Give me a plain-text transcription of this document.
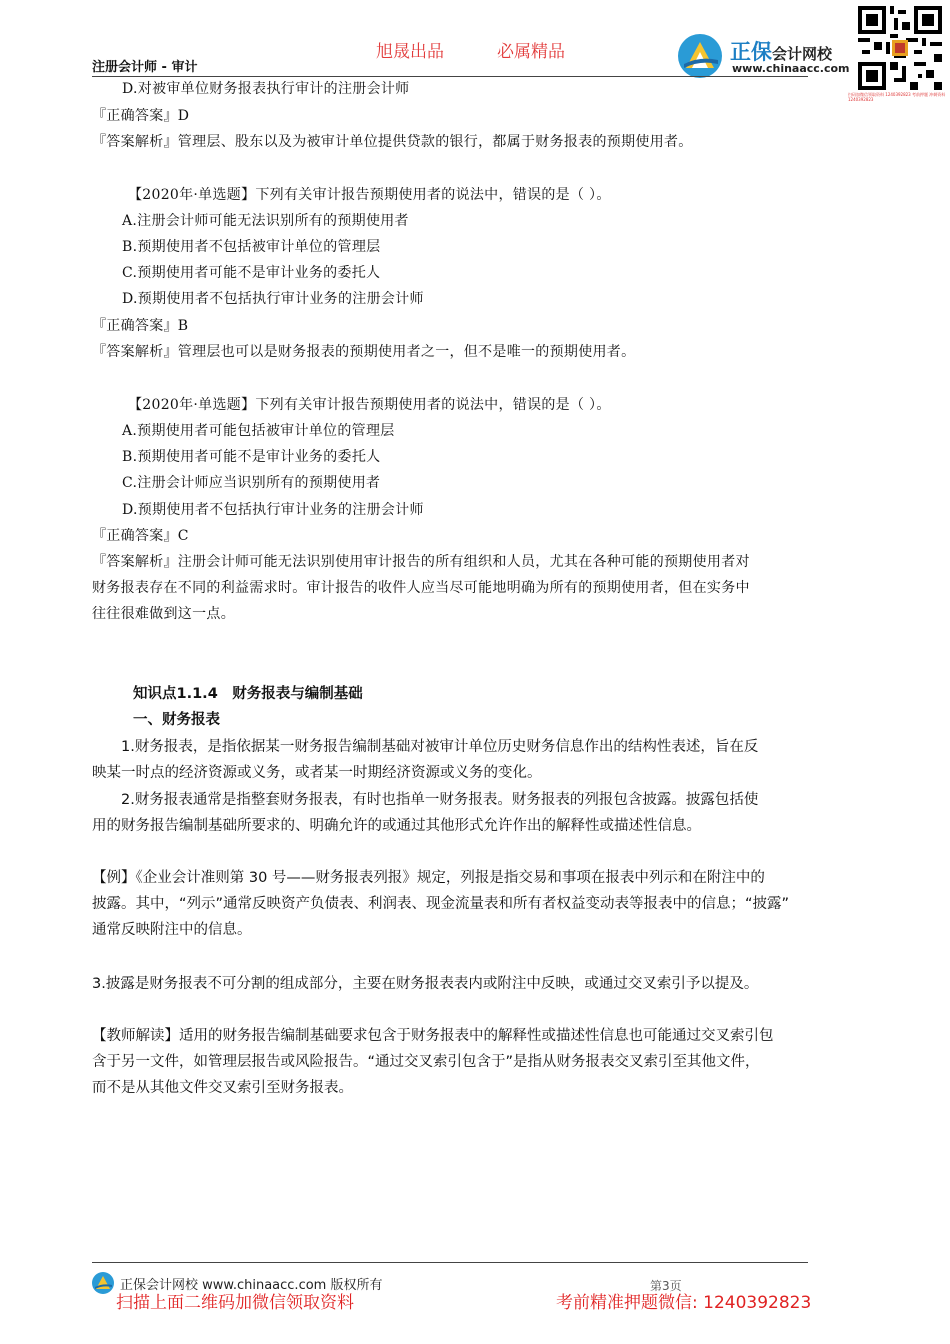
旭晟出品	必属精品
注册会计师 - 审计
正保会计网校
www.chinaacc.com
扫码加微信领取资料 1240392823 考前押题 冲刺资料 1240392823
D.对被审单位财务报表执行审计的注册会计师
『正确答案』D
『答案解析』管理层、股东以及为被审计单位提供贷款的银行，都属于财务报表的预期使用者。
【2020年·单选题】下列有关审计报告预期使用者的说法中，错误的是（ ）。
A.注册会计师可能无法识别所有的预期使用者
B.预期使用者不包括被审计单位的管理层
C.预期使用者可能不是审计业务的委托人
D.预期使用者不包括执行审计业务的注册会计师
『正确答案』B
『答案解析』管理层也可以是财务报表的预期使用者之一，但不是唯一的预期使用者。
【2020年·单选题】下列有关审计报告预期使用者的说法中，错误的是（ ）。
A.预期使用者可能包括被审计单位的管理层
B.预期使用者可能不是审计业务的委托人
C.注册会计师应当识别所有的预期使用者
D.预期使用者不包括执行审计业务的注册会计师
『正确答案』C
『答案解析』注册会计师可能无法识别使用审计报告的所有组织和人员，尤其在各种可能的预期使用者对
财务报表存在不同的利益需求时。审计报告的收件人应当尽可能地明确为所有的预期使用者，但在实务中
往往很难做到这一点。
知识点1.1.4　财务报表与编制基础
一、财务报表
1.财务报表，是指依据某一财务报告编制基础对被审计单位历史财务信息作出的结构性表述，旨在反
映某一时点的经济资源或义务，或者某一时期经济资源或义务的变化。
2.财务报表通常是指整套财务报表，有时也指单一财务报表。财务报表的列报包含披露。披露包括使
用的财务报告编制基础所要求的、明确允许的或通过其他形式允许作出的解释性或描述性信息。
【例】《企业会计准则第 30 号——财务报表列报》规定，列报是指交易和事项在报表中列示和在附注中的
披露。其中，“列示”通常反映资产负债表、利润表、现金流量表和所有者权益变动表等报表中的信息；“披露”
通常反映附注中的信息。
3.披露是财务报表不可分割的组成部分，主要在财务报表表内或附注中反映，或通过交叉索引予以提及。
【教师解读】适用的财务报告编制基础要求包含于财务报表中的解释性或描述性信息也可能通过交叉索引包
含于另一文件，如管理层报告或风险报告。“通过交叉索引包含于”是指从财务报表交叉索引至其他文件，
而不是从其他文件交叉索引至财务报表。
正保会计网校 www.chinaacc.com 版权所有	第3页
扫描上面二维码加微信领取资料	考前精准押题微信: 1240392823
